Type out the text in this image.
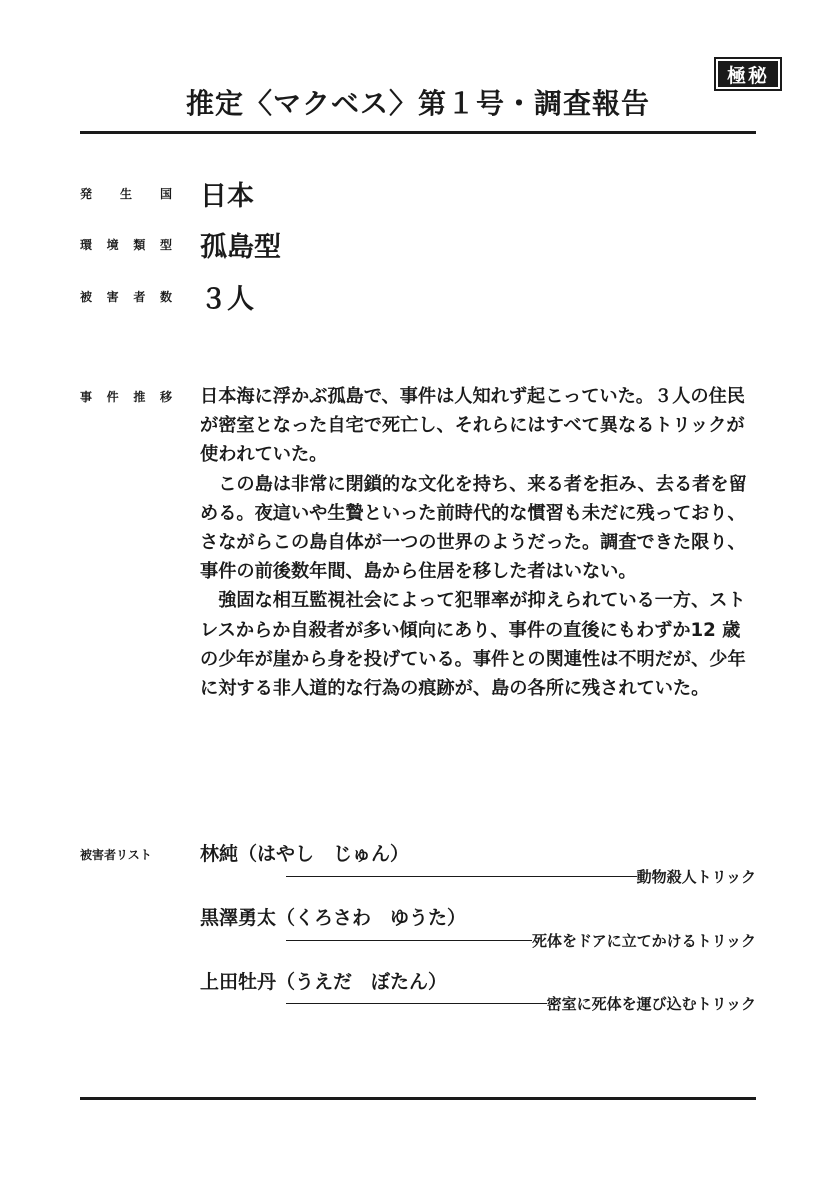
極秘
推定〈マクベス〉第１号・調査報告
発 生 国 日本
環 境 類 型 孤島型
被 害 者 数 ３人
事 件 推 移 日本海に浮かぶ孤島で、事件は人知れず起こっていた。３人の住民が密室となった自宅で死亡し、それらにはすべて異なるトリックが使われていた。

この島は非常に閉鎖的な文化を持ち、来る者を拒み、去る者を留める。夜這いや生贄といった前時代的な慣習も未だに残っており、さながらこの島自体が一つの世界のようだった。調査できた限り、事件の前後数年間、島から住居を移した者はいない。

強固な相互監視社会によって犯罪率が抑えられている一方、ストレスからか自殺者が多い傾向にあり、事件の直後にもわずか12 歳の少年が崖から身を投げている。事件との関連性は不明だが、少年に対する非人道的な行為の痕跡が、島の各所に残されていた。

被害者リスト	林純（はやし　じゅん）
動物殺人トリック
黒澤勇太（くろさわ　ゆうた）
死体をドアに立てかけるトリック
上田牡丹（うえだ　ぼたん）
密室に死体を運び込むトリック
